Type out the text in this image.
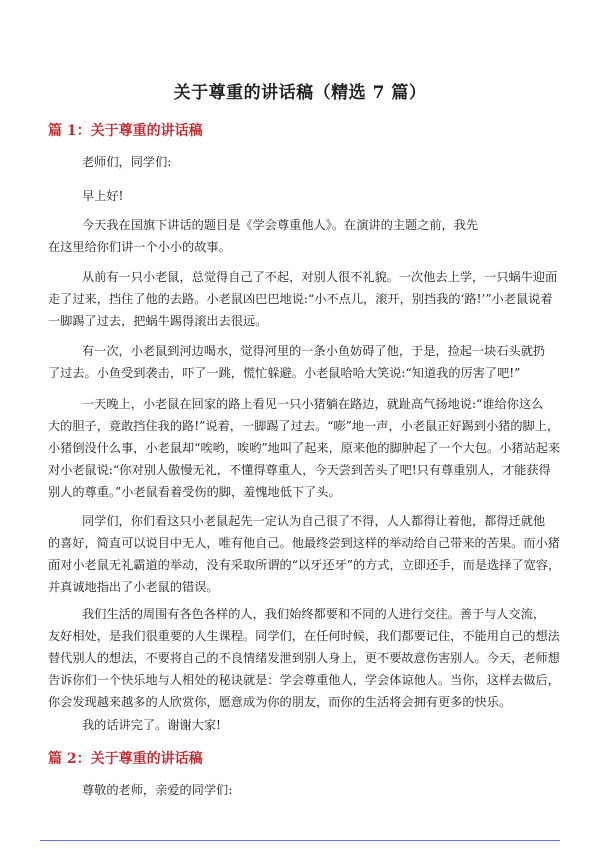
关于尊重的讲话稿（精选 7 篇）
篇 1：关于尊重的讲话稿

老师们，同学们:

早上好!

今天我在国旗下讲话的题目是《学会尊重他人》。在演讲的主题之前，我先
在这里给你们讲一个小小的故事。

从前有一只小老鼠，总觉得自己了不起，对别人很不礼貌。一次他去上学，一只蜗牛迎面
走了过来，挡住了他的去路。小老鼠凶巴巴地说:“小不点儿，滚开，别挡我的‘路!’”小老鼠说着
一脚踢了过去，把蜗牛踢得滚出去很远。

有一次，小老鼠到河边喝水，觉得河里的一条小鱼妨碍了他，于是，捡起一块石头就扔
了过去。小鱼受到袭击，吓了一跳，慌忙躲避。小老鼠哈哈大笑说:“知道我的厉害了吧!”

一天晚上，小老鼠在回家的路上看见一只小猪躺在路边，就趾高气扬地说:“谁给你这么
大的胆子，竟敢挡住我的路!”说着，一脚踢了过去。“嘭”地一声，小老鼠正好踢到小猪的脚上，
小猪倒没什么事，小老鼠却“唉哟，唉哟”地叫了起来，原来他的脚肿起了一个大包。小猪站起来
对小老鼠说:“你对别人傲慢无礼，不懂得尊重人，今天尝到苦头了吧!只有尊重别人，才能获得
别人的尊重。”小老鼠看着受伤的脚，羞愧地低下了头。

同学们，你们看这只小老鼠起先一定认为自己很了不得，人人都得让着他，都得迁就他
的喜好，简直可以说目中无人，唯有他自己。他最终尝到这样的举动给自己带来的苦果。而小猪
面对小老鼠无礼霸道的举动，没有采取所谓的“以牙还牙”的方式，立即还手，而是选择了宽容，
并真诚地指出了小老鼠的错误。

我们生活的周围有各色各样的人，我们始终都要和不同的人进行交往。善于与人交流，
友好相处，是我们很重要的人生课程。同学们，在任何时候，我们都要记住，不能用自己的想法
替代别人的想法，不要将自己的不良情绪发泄到别人身上，更不要故意伤害别人。今天，老师想
告诉你们一个快乐地与人相处的秘诀就是：学会尊重他人，学会体谅他人。当你，这样去做后，
你会发现越来越多的人欣赏你，愿意成为你的朋友，而你的生活将会拥有更多的快乐。

我的话讲完了。谢谢大家!

篇 2：关于尊重的讲话稿

尊敬的老师，亲爱的同学们:
